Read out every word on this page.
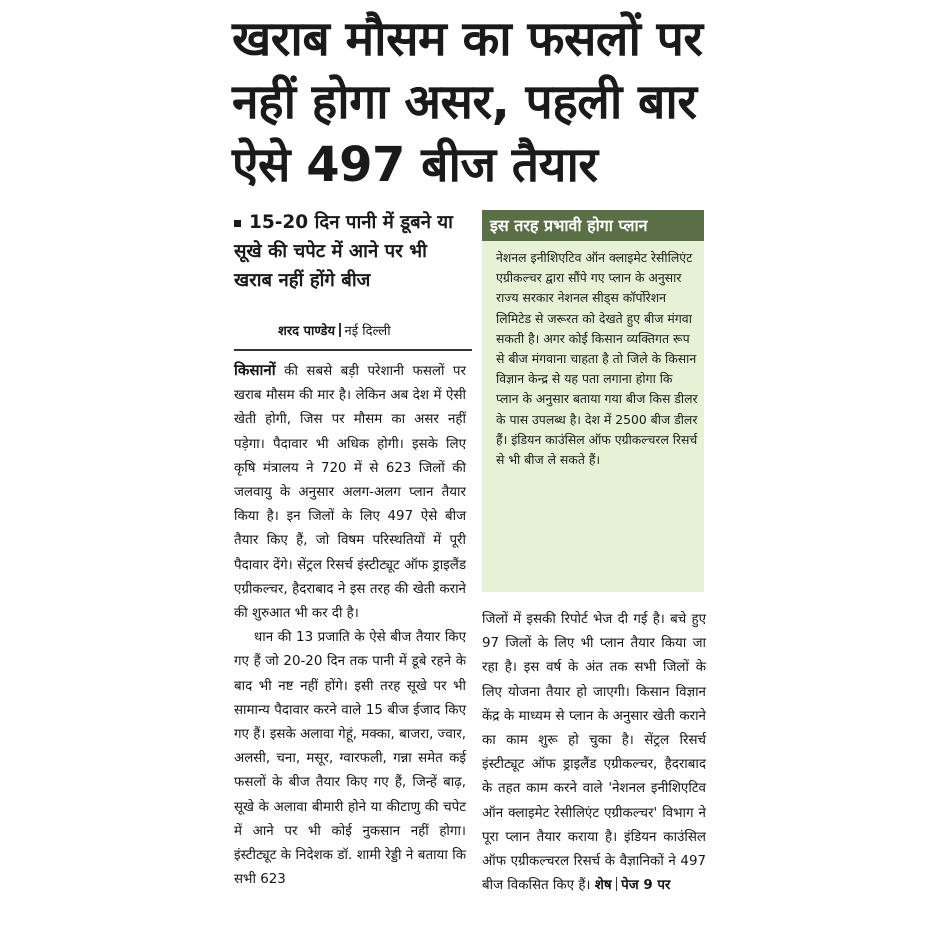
खराब मौसम का फसलों पर नहीं होगा असर, पहली बार ऐसे 497 बीज तैयार
15-20 दिन पानी में डूबने या सूखे की चपेट में आने पर भी खराब नहीं होंगे बीज
शरद पाण्डेय नई दिल्ली

किसानों की सबसे बड़ी परेशानी फसलों पर खराब मौसम की मार है। लेकिन अब देश में ऐसी खेती होगी, जिस पर मौसम का असर नहीं पड़ेगा। पैदावार भी अधिक होगी। इसके लिए कृषि मंत्रालय ने 720 में से 623 जिलों की जलवायु के अनुसार अलग-अलग प्लान तैयार किया है। इन जिलों के लिए 497 ऐसे बीज तैयार किए हैं, जो विषम परिस्थतियों में पूरी पैदावार देंगे। सेंट्रल रिसर्च इंस्टीट्यूट ऑफ ड्राइलैंड एग्रीकल्चर, हैदराबाद ने इस तरह की खेती कराने की शुरुआत भी कर दी है।

धान की 13 प्रजाति के ऐसे बीज तैयार किए गए हैं जो 20-20 दिन तक पानी में डूबे रहने के बाद भी नष्ट नहीं होंगे। इसी तरह सूखे पर भी सामान्य पैदावार करने वाले 15 बीज ईजाद किए गए हैं। इसके अलावा गेहूं, मक्का, बाजरा, ज्वार, अलसी, चना, मसूर, ग्वारफली, गन्ना समेत कई फसलों के बीज तैयार किए गए हैं, जिन्हें बाढ़, सूखे के अलावा बीमारी होने या कीटाणु की चपेट में आने पर भी कोई नुकसान नहीं होगा। इंस्टीट्यूट के निदेशक डॉ. शामी रेड्डी ने बताया कि सभी 623

इस तरह प्रभावी होगा प्लान
नेशनल इनीशिएटिव ऑन क्लाइमेट रेसीलिएंट एग्रीकल्चर द्वारा सौंपे गए प्लान के अनुसार राज्य सरकार नेशनल सीड्स कॉर्पोरेशन लिमिटेड से जरूरत को देखते हुए बीज मंगवा सकती है। अगर कोई किसान व्यक्तिगत रूप से बीज मंगवाना चाहता है तो जिले के किसान विज्ञान केन्द्र से यह पता लगाना होगा कि प्लान के अनुसार बताया गया बीज किस डीलर के पास उपलब्ध है। देश में 2500 बीज डीलर हैं। इंडियन काउंसिल ऑफ एग्रीकल्चरल रिसर्च से भी बीज ले सकते हैं।

जिलों में इसकी रिपोर्ट भेज दी गई है। बचे हुए 97 जिलों के लिए भी प्लान तैयार किया जा रहा है। इस वर्ष के अंत तक सभी जिलों के लिए योजना तैयार हो जाएगी। किसान विज्ञान केंद्र के माध्यम से प्लान के अनुसार खेती कराने का काम शुरू हो चुका है। सेंट्रल रिसर्च इंस्टीट्यूट ऑफ ड्राइलैंड एग्रीकल्चर, हैदराबाद के तहत काम करने वाले 'नेशनल इनीशिएटिव ऑन क्लाइमेट रेसीलिएंट एग्रीकल्चर' विभाग ने पूरा प्लान तैयार कराया है। इंडियन काउंसिल ऑफ एग्रीकल्चरल रिसर्च के वैज्ञानिकों ने 497 बीज विकसित किए हैं। शेष पेज 9 पर
